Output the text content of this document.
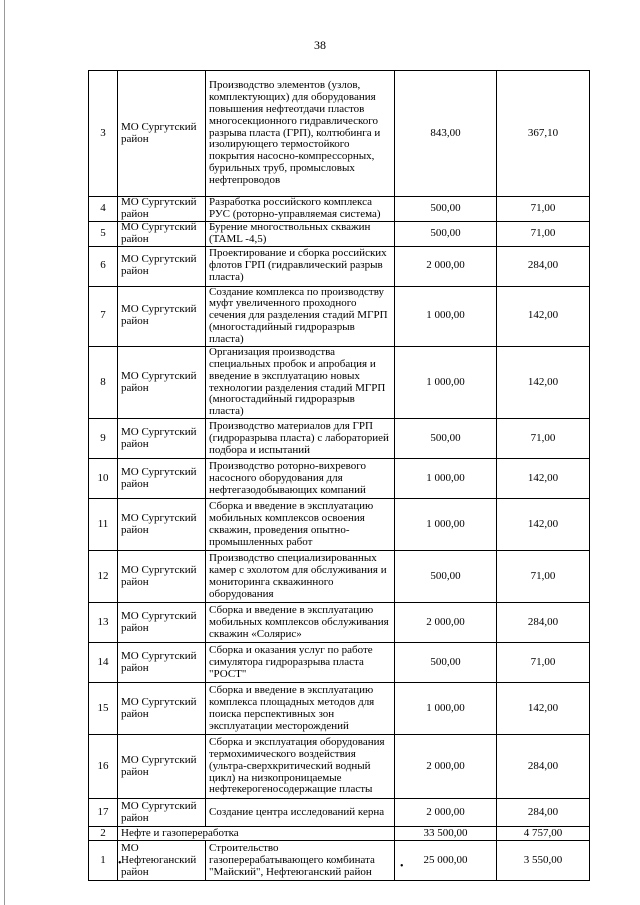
38
3	МО Сургутский район	Производство элементов (узлов, комплектующих) для оборудования повышения нефтеотдачи пластов многосекционного гидравлического разрыва пласта (ГРП), колтюбинга и изолирующего термостойкого покрытия насосно-компрессорных, бурильных труб, промысловых нефтепроводов	843,00	367,10
4	МО Сургутский район	Разработка российского комплекса РУС (роторно-управляемая система)	500,00	71,00
5	МО Сургутский район	Бурение многоствольных скважин (TAML -4,5)	500,00	71,00
6	МО Сургутский район	Проектирование и сборка российских флотов ГРП (гидравлический разрыв пласта)	2 000,00	284,00
7	МО Сургутский район	Создание комплекса по производству муфт увеличенного проходного сечения для разделения стадий МГРП (многостадийный гидроразрыв пласта)	1 000,00	142,00
8	МО Сургутский район	Организация производства специальных пробок и апробация и введение в эксплуатацию новых технологии разделения стадий МГРП (многостадийный гидроразрыв пласта)	1 000,00	142,00
9	МО Сургутский район	Производство материалов для ГРП (гидроразрыва пласта) с лабораторией подбора и испытаний	500,00	71,00
10	МО Сургутский район	Производство роторно-вихревого насосного оборудования для нефтегазодобывающих компаний	1 000,00	142,00
11	МО Сургутский район	Сборка и введение в эксплуатацию мобильных комплексов освоения скважин, проведения опытно-промышленных работ	1 000,00	142,00
12	МО Сургутский район	Производство специализированных камер с эхолотом для обслуживания и мониторинга скважинного оборудования	500,00	71,00
13	МО Сургутский район	Сборка и введение в эксплуатацию мобильных комплексов обслуживания скважин «Солярис»	2 000,00	284,00
14	МО Сургутский район	Сборка и оказания услуг по работе симулятора гидроразрыва пласта "РОСТ"	500,00	71,00
15	МО Сургутский район	Сборка и введение в эксплуатацию комплекса площадных методов для поиска перспективных зон эксплуатации месторождений	1 000,00	142,00
16	МО Сургутский район	Сборка и эксплуатация оборудования термохимического воздействия (ультра-сверхкритический водный цикл) на низкопроницаемые нефтекерогеносодержащие пласты	2 000,00	284,00
17	МО Сургутский район	Создание центра исследований керна	2 000,00	284,00
2	Нефте и газопереработка		33 500,00	4 757,00
1	МО Нефтеюганский район	Строительство газоперерабатывающего комбината "Майский", Нефтеюганский район	25 000,00	3 550,00
•	•
